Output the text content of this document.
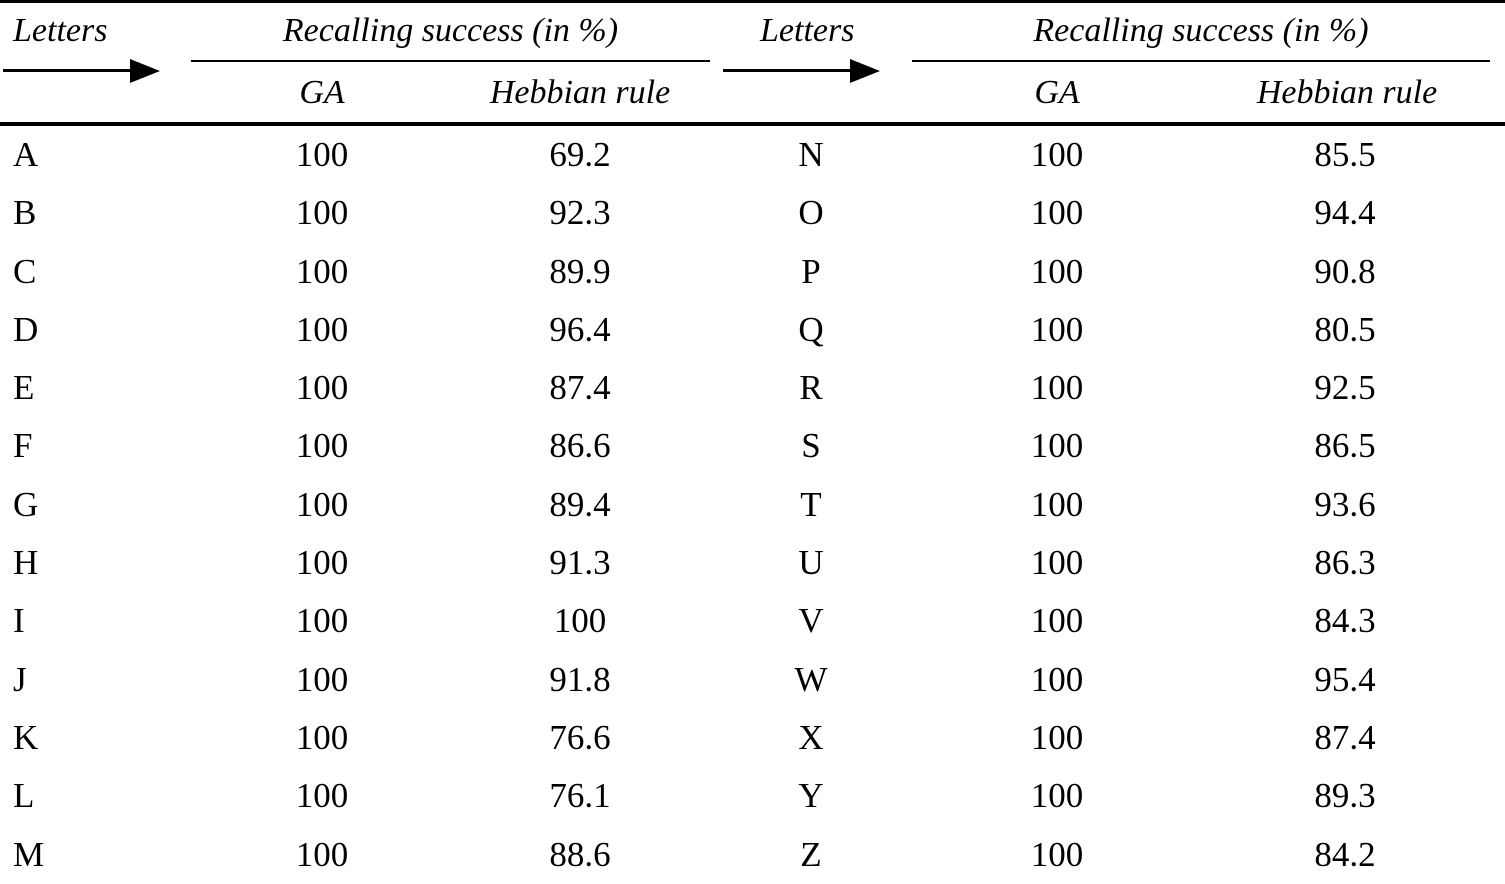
Letters	Recalling success (in %)	Letters	Recalling success (in %)
GA	Hebbian rule	GA	Hebbian rule
A	100	69.2	N	100	85.5
B	100	92.3	O	100	94.4
C	100	89.9	P	100	90.8
D	100	96.4	Q	100	80.5
E	100	87.4	R	100	92.5
F	100	86.6	S	100	86.5
G	100	89.4	T	100	93.6
H	100	91.3	U	100	86.3
I	100	100	V	100	84.3
J	100	91.8	W	100	95.4
K	100	76.6	X	100	87.4
L	100	76.1	Y	100	89.3
M	100	88.6	Z	100	84.2
